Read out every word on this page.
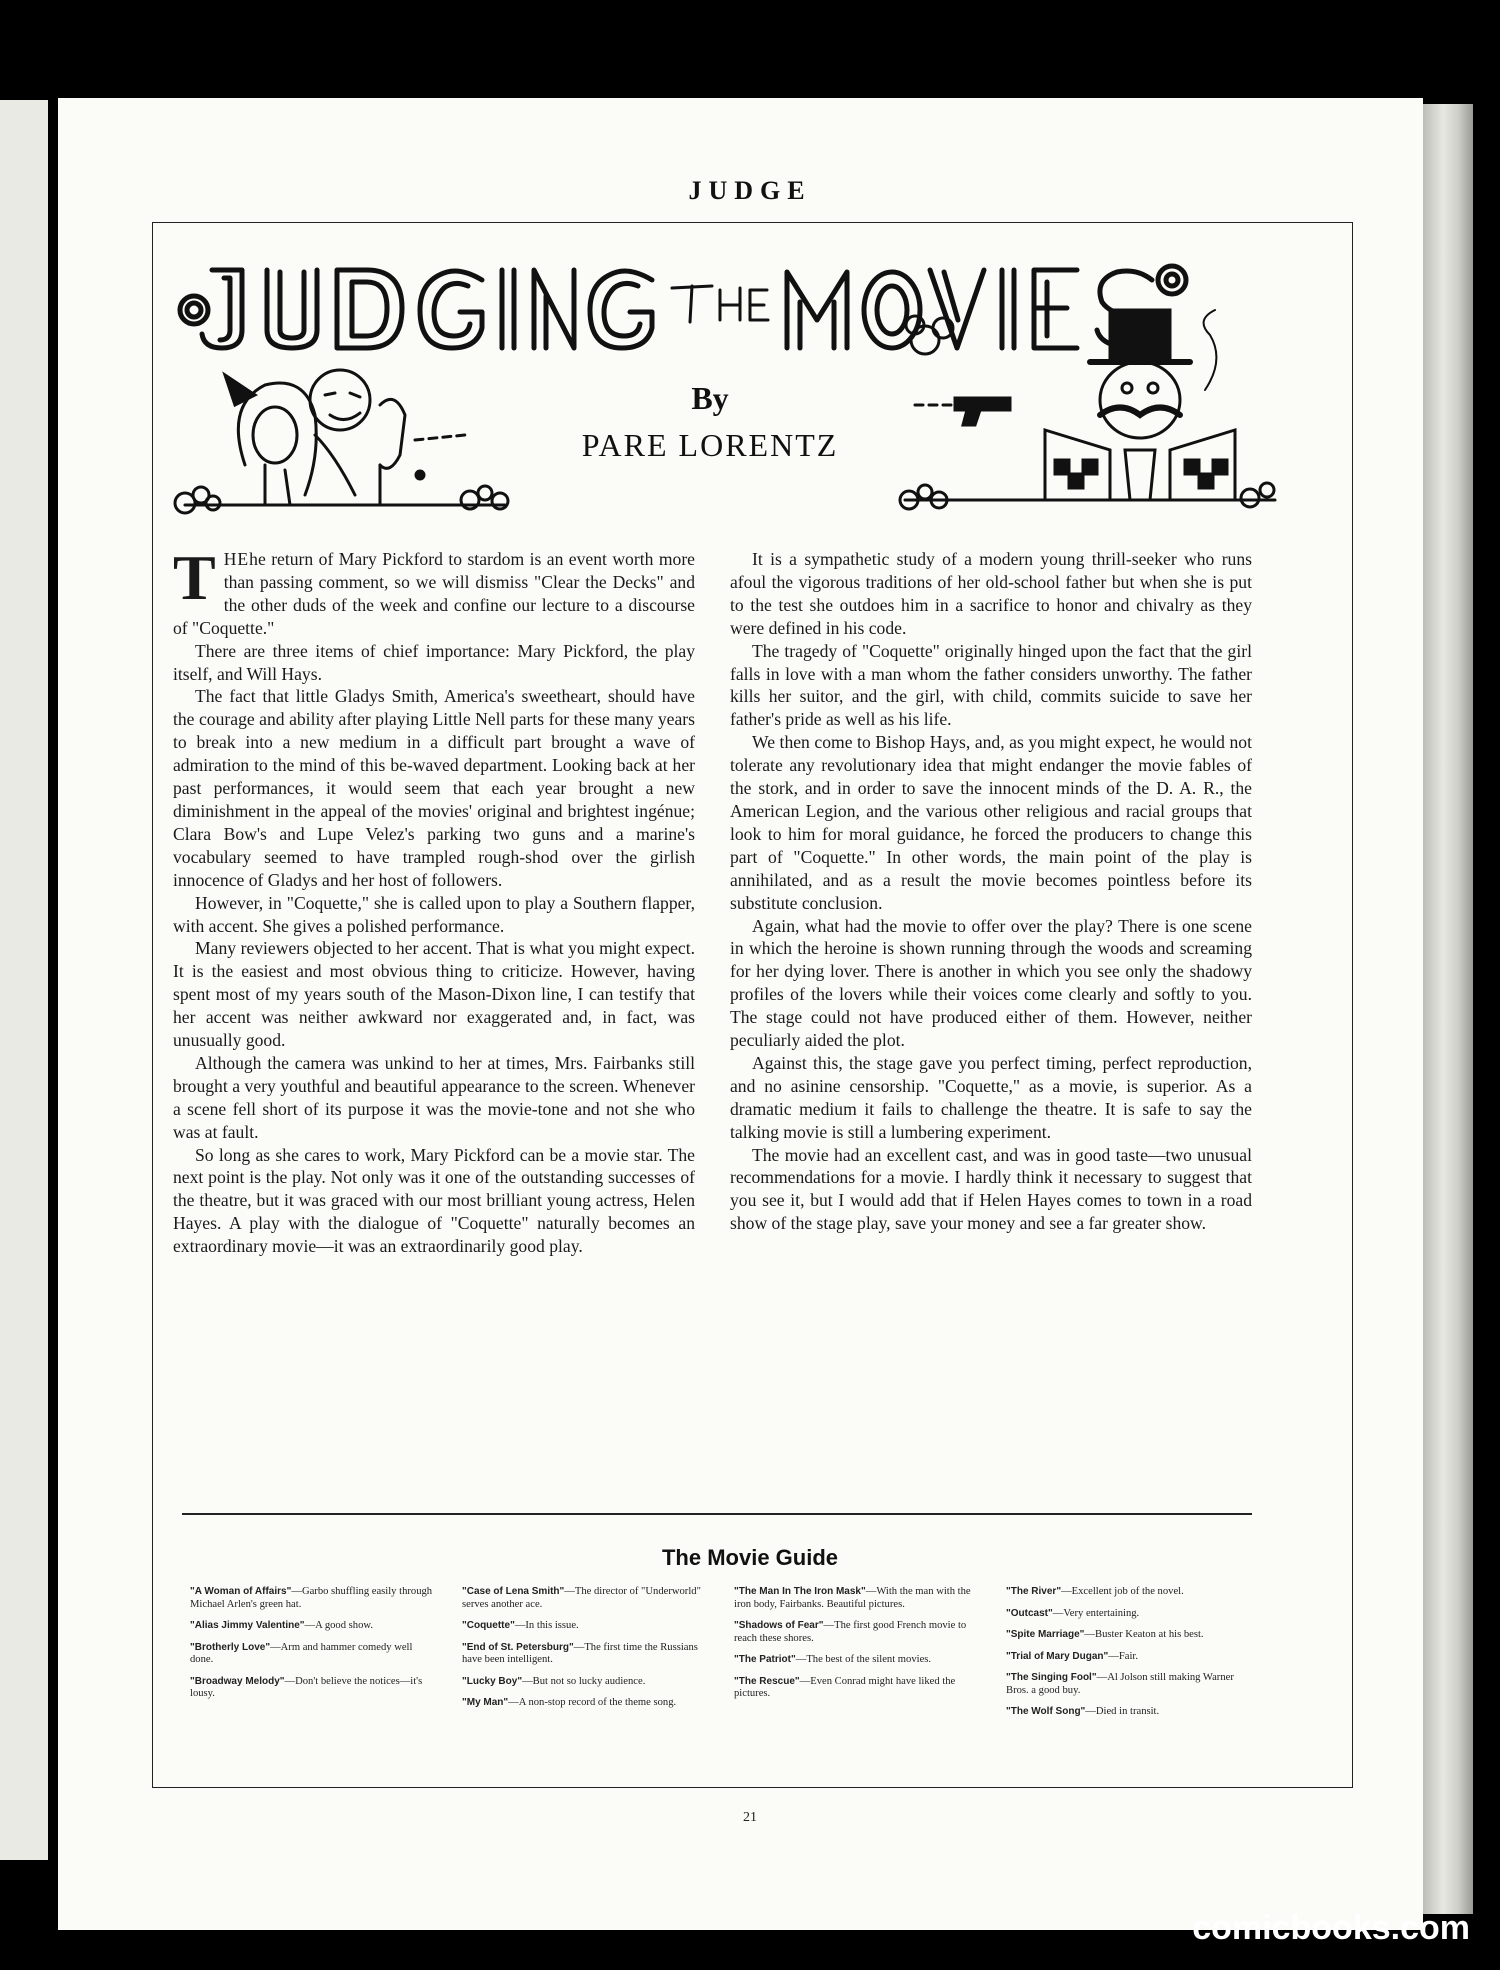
JUDGE
By
PARE LORENTZ

THEhe return of Mary Pickford to stardom is an event worth more than passing comment, so we will dismiss "Clear the Decks" and the other duds of the week and confine our lecture to a discourse of "Coquette."

There are three items of chief importance: Mary Pickford, the play itself, and Will Hays.

The fact that little Gladys Smith, America's sweetheart, should have the courage and ability after playing Little Nell parts for these many years to break into a new medium in a difficult part brought a wave of admiration to the mind of this be-waved department. Looking back at her past performances, it would seem that each year brought a new diminishment in the appeal of the movies' original and brightest ingénue; Clara Bow's and Lupe Velez's parking two guns and a marine's vocabulary seemed to have trampled rough-shod over the girlish innocence of Gladys and her host of followers.

However, in "Coquette," she is called upon to play a Southern flapper, with accent. She gives a polished performance.

Many reviewers objected to her accent. That is what you might expect. It is the easiest and most obvious thing to criticize. However, having spent most of my years south of the Mason-Dixon line, I can testify that her accent was neither awkward nor exaggerated and, in fact, was unusually good.

Although the camera was unkind to her at times, Mrs. Fairbanks still brought a very youthful and beautiful appearance to the screen. Whenever a scene fell short of its purpose it was the movie-tone and not she who was at fault.

So long as she cares to work, Mary Pickford can be a movie star. The next point is the play. Not only was it one of the outstanding successes of the theatre, but it was graced with our most brilliant young actress, Helen Hayes. A play with the dialogue of "Coquette" naturally becomes an extraordinary movie—it was an extraordinarily good play.

It is a sympathetic study of a modern young thrill-seeker who runs afoul the vigorous traditions of her old-school father but when she is put to the test she outdoes him in a sacrifice to honor and chivalry as they were defined in his code.

The tragedy of "Coquette" originally hinged upon the fact that the girl falls in love with a man whom the father considers unworthy. The father kills her suitor, and the girl, with child, commits suicide to save her father's pride as well as his life.

We then come to Bishop Hays, and, as you might expect, he would not tolerate any revolutionary idea that might endanger the movie fables of the stork, and in order to save the innocent minds of the D. A. R., the American Legion, and the various other religious and racial groups that look to him for moral guidance, he forced the producers to change this part of "Coquette." In other words, the main point of the play is annihilated, and as a result the movie becomes pointless before its substitute conclusion.

Again, what had the movie to offer over the play? There is one scene in which the heroine is shown running through the woods and screaming for her dying lover. There is another in which you see only the shadowy profiles of the lovers while their voices come clearly and softly to you. The stage could not have produced either of them. However, neither peculiarly aided the plot.

Against this, the stage gave you perfect timing, perfect reproduction, and no asinine censorship. "Coquette," as a movie, is superior. As a dramatic medium it fails to challenge the theatre. It is safe to say the talking movie is still a lumbering experiment.

The movie had an excellent cast, and was in good taste—two unusual recommendations for a movie. I hardly think it necessary to suggest that you see it, but I would add that if Helen Hayes comes to town in a road show of the stage play, save your money and see a far greater show.

The Movie Guide
"A Woman of Affairs"—Garbo shuffling easily through Michael Arlen's green hat.
"Alias Jimmy Valentine"—A good show.
"Brotherly Love"—Arm and hammer comedy well done.
"Broadway Melody"—Don't believe the notices—it's lousy.
"Case of Lena Smith"—The director of "Underworld" serves another ace.
"Coquette"—In this issue.
"End of St. Petersburg"—The first time the Russians have been intelligent.
"Lucky Boy"—But not so lucky audience.
"My Man"—A non-stop record of the theme song.
"The Man In The Iron Mask"—With the man with the iron body, Fairbanks. Beautiful pictures.
"Shadows of Fear"—The first good French movie to reach these shores.
"The Patriot"—The best of the silent movies.
"The Rescue"—Even Conrad might have liked the pictures.
"The River"—Excellent job of the novel.
"Outcast"—Very entertaining.
"Spite Marriage"—Buster Keaton at his best.
"Trial of Mary Dugan"—Fair.
"The Singing Fool"—Al Jolson still making Warner Bros. a good buy.
"The Wolf Song"—Died in transit.
21
comicbooks.com
